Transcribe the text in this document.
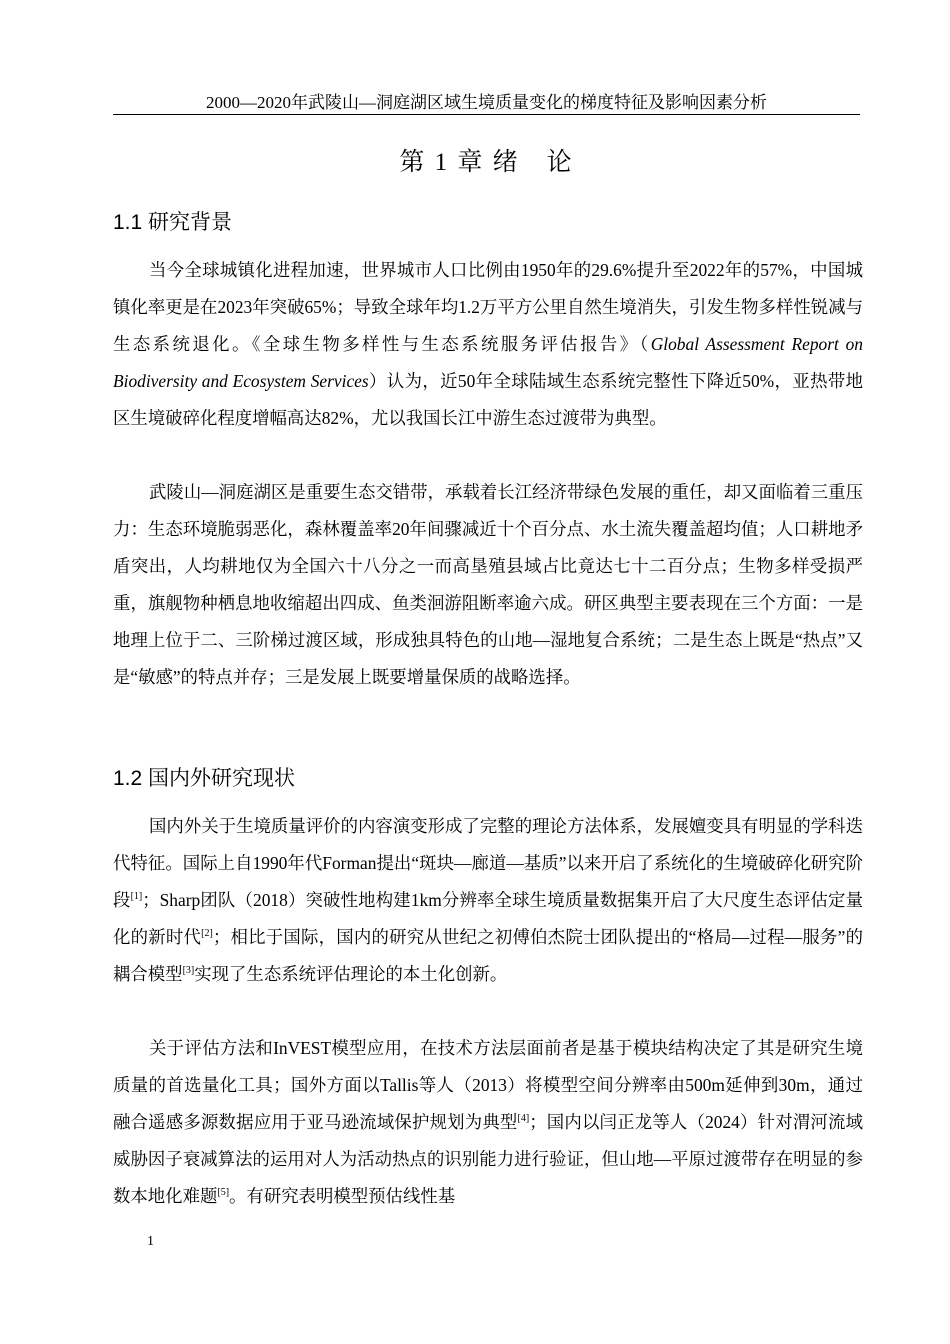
2000—2020年武陵山—洞庭湖区域生境质量变化的梯度特征及影响因素分析
第 1 章 绪　论
1.1 研究背景

当今全球城镇化进程加速，世界城市人口比例由1950年的29.6%提升至2022年的57%，中国城镇化率更是在2023年突破65%；导致全球年均1.2万平方公里自然生境消失，引发生物多样性锐减与生态系统退化。《全球生物多样性与生态系统服务评估报告》（Global Assessment Report on Biodiversity and Ecosystem Services）认为，近50年全球陆域生态系统完整性下降近50%，亚热带地区生境破碎化程度增幅高达82%，尤以我国长江中游生态过渡带为典型。

武陵山—洞庭湖区是重要生态交错带，承载着长江经济带绿色发展的重任，却又面临着三重压力：生态环境脆弱恶化，森林覆盖率20年间骤减近十个百分点、水土流失覆盖超均值；人口耕地矛盾突出，人均耕地仅为全国六十八分之一而高垦殖县域占比竟达七十二百分点；生物多样受损严重，旗舰物种栖息地收缩超出四成、鱼类洄游阻断率逾六成。研区典型主要表现在三个方面：一是地理上位于二、三阶梯过渡区域，形成独具特色的山地—湿地复合系统；二是生态上既是“热点”又是“敏感”的特点并存；三是发展上既要增量保质的战略选择。

1.2 国内外研究现状

国内外关于生境质量评价的内容演变形成了完整的理论方法体系，发展嬗变具有明显的学科迭代特征。国际上自1990年代Forman提出“斑块—廊道—基质”以来开启了系统化的生境破碎化研究阶段[1]；Sharp团队（2018）突破性地构建1km分辨率全球生境质量数据集开启了大尺度生态评估定量化的新时代[2]；相比于国际，国内的研究从世纪之初傅伯杰院士团队提出的“格局—过程—服务”的耦合模型[3]实现了生态系统评估理论的本土化创新。

关于评估方法和InVEST模型应用，在技术方法层面前者是基于模块结构决定了其是研究生境质量的首选量化工具；国外方面以Tallis等人（2013）将模型空间分辨率由500m延伸到30m，通过融合遥感多源数据应用于亚马逊流域保护规划为典型[4]；国内以闫正龙等人（2024）针对渭河流域威胁因子衰减算法的运用对人为活动热点的识别能力进行验证，但山地—平原过渡带存在明显的参数本地化难题[5]。有研究表明模型预估线性基

1
